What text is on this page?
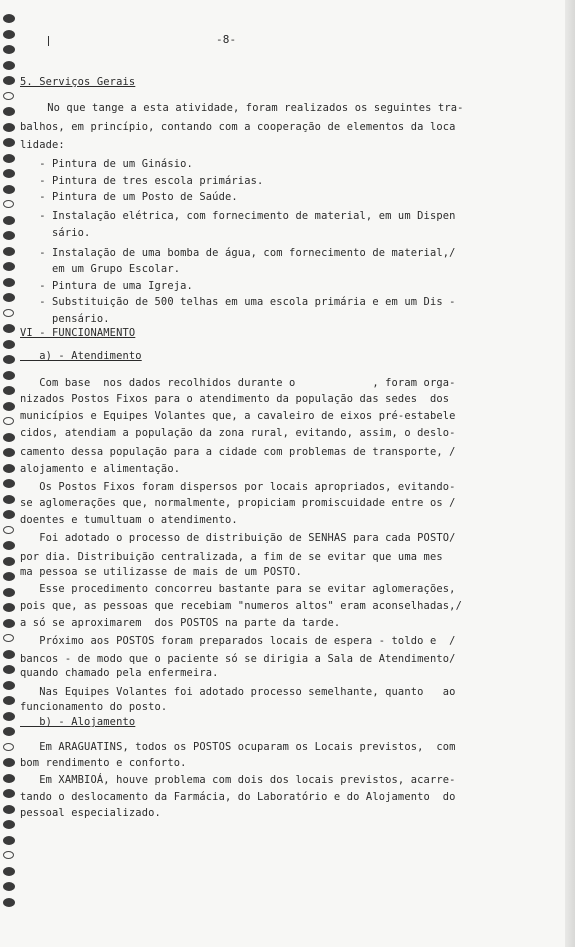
-8-
5. Serviços Gerais
No que tange a esta atividade, foram realizados os seguintes tra-
balhos, em princípio, contando com a cooperação de elementos da loca
lidade:
- Pintura de um Ginásio.
- Pintura de tres escola primárias.
- Pintura de um Posto de Saúde.
- Instalação elétrica, com fornecimento de material, em um Dispen
sário.
- Instalação de uma bomba de água, com fornecimento de material,/
em um Grupo Escolar.
- Pintura de uma Igreja.
- Substituição de 500 telhas em uma escola primária e em um Dis -
pensário.
VI - FUNCIONAMENTO
a) - Atendimento
Com base  nos dados recolhidos durante o            , foram orga-
nizados Postos Fixos para o atendimento da população das sedes  dos
municípios e Equipes Volantes que, a cavaleiro de eixos pré-estabele
cidos, atendiam a população da zona rural, evitando, assim, o deslo-
camento dessa população para a cidade com problemas de transporte, /
alojamento e alimentação.
Os Postos Fixos foram dispersos por locais apropriados, evitando-
se aglomerações que, normalmente, propiciam promiscuidade entre os /
doentes e tumultuam o atendimento.
Foi adotado o processo de distribuição de SENHAS para cada POSTO/
por dia. Distribuição centralizada, a fim de se evitar que uma mes
ma pessoa se utilizasse de mais de um POSTO.
Esse procedimento concorreu bastante para se evitar aglomerações,
pois que, as pessoas que recebiam "numeros altos" eram aconselhadas,/
a só se aproximarem  dos POSTOS na parte da tarde.
Próximo aos POSTOS foram preparados locais de espera - toldo e  /
bancos - de modo que o paciente só se dirigia a Sala de Atendimento/
quando chamado pela enfermeira.
Nas Equipes Volantes foi adotado processo semelhante, quanto   ao
funcionamento do posto.
b) - Alojamento
Em ARAGUATINS, todos os POSTOS ocuparam os Locais previstos,  com
bom rendimento e conforto.
Em XAMBIOÁ, houve problema com dois dos locais previstos, acarre-
tando o deslocamento da Farmácia, do Laboratório e do Alojamento  do
pessoal especializado.
